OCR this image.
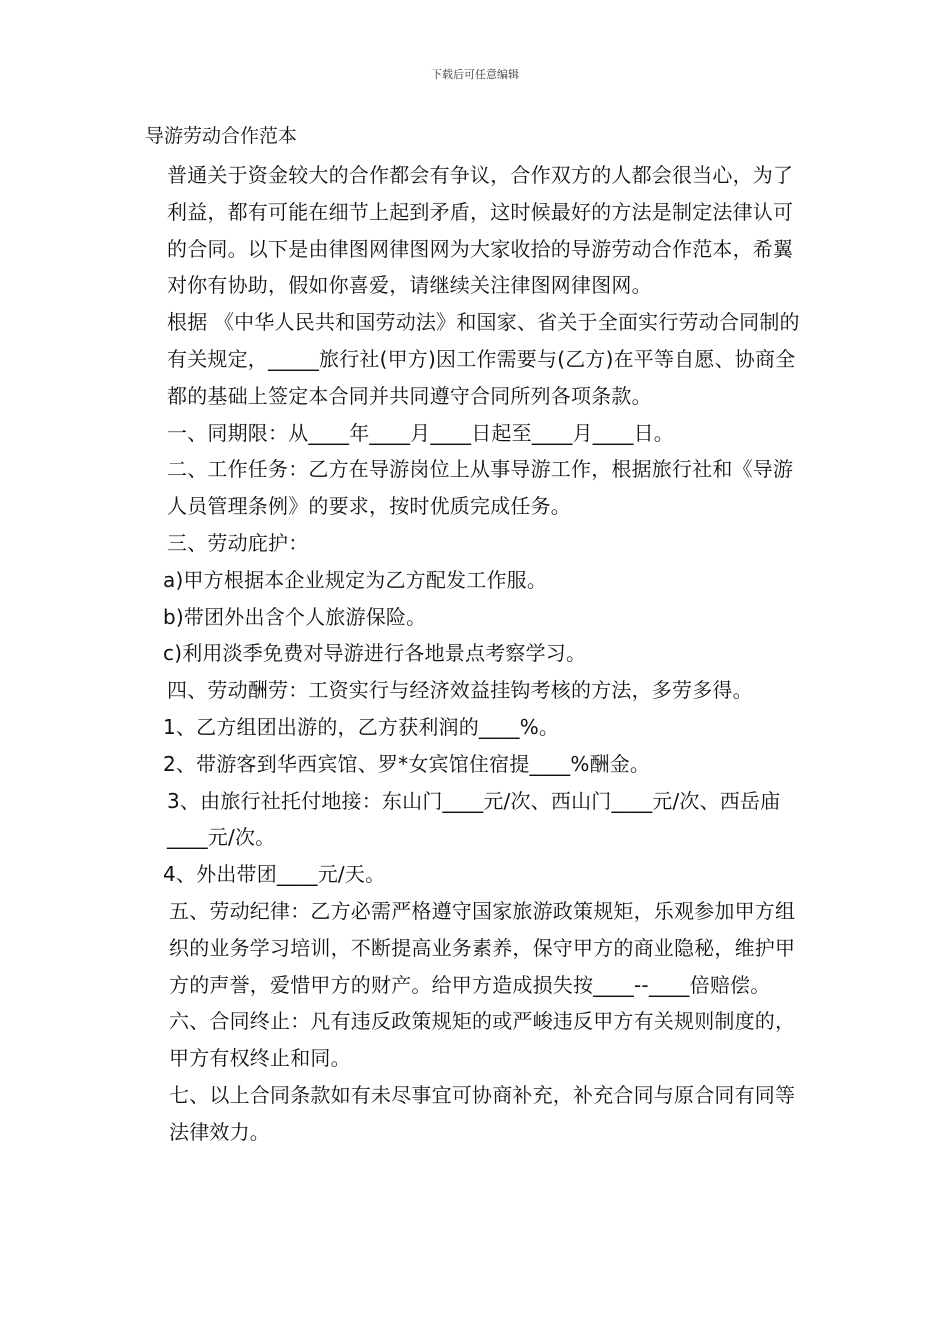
下载后可任意编辑
导游劳动合作范本

普通关于资金较大的合作都会有争议，合作双方的人都会很当心，为了利益，都有可能在细节上起到矛盾，这时候最好的方法是制定法律认可的合同。以下是由律图网律图网为大家收拾的导游劳动合作范本，希翼对你有协助，假如你喜爱，请继续关注律图网律图网。

根据 《中华人民共和国劳动法》和国家、省关于全面实行劳动合同制的有关规定，_____旅行社(甲方)因工作需要与(乙方)在平等自愿、协商全都的基础上签定本合同并共同遵守合同所列各项条款。

一、同期限：从____年____月____日起至____月____日。

二、工作任务：乙方在导游岗位上从事导游工作，根据旅行社和《导游人员管理条例》的要求，按时优质完成任务。

三、劳动庇护：

a)甲方根据本企业规定为乙方配发工作服。

b)带团外出含个人旅游保险。

c)利用淡季免费对导游进行各地景点考察学习。

四、劳动酬劳：工资实行与经济效益挂钩考核的方法，多劳多得。

1、乙方组团出游的，乙方获利润的____%。

2、带游客到华西宾馆、罗*女宾馆住宿提____%酬金。

3、由旅行社托付地接：东山门____元/次、西山门____元/次、西岳庙____元/次。

4、外出带团____元/天。

五、劳动纪律：乙方必需严格遵守国家旅游政策规矩，乐观参加甲方组织的业务学习培训，不断提高业务素养，保守甲方的商业隐秘，维护甲方的声誉，爱惜甲方的财产。给甲方造成损失按____--____倍赔偿。

六、合同终止：凡有违反政策规矩的或严峻违反甲方有关规则制度的，甲方有权终止和同。

七、以上合同条款如有未尽事宜可协商补充，补充合同与原合同有同等法律效力。
